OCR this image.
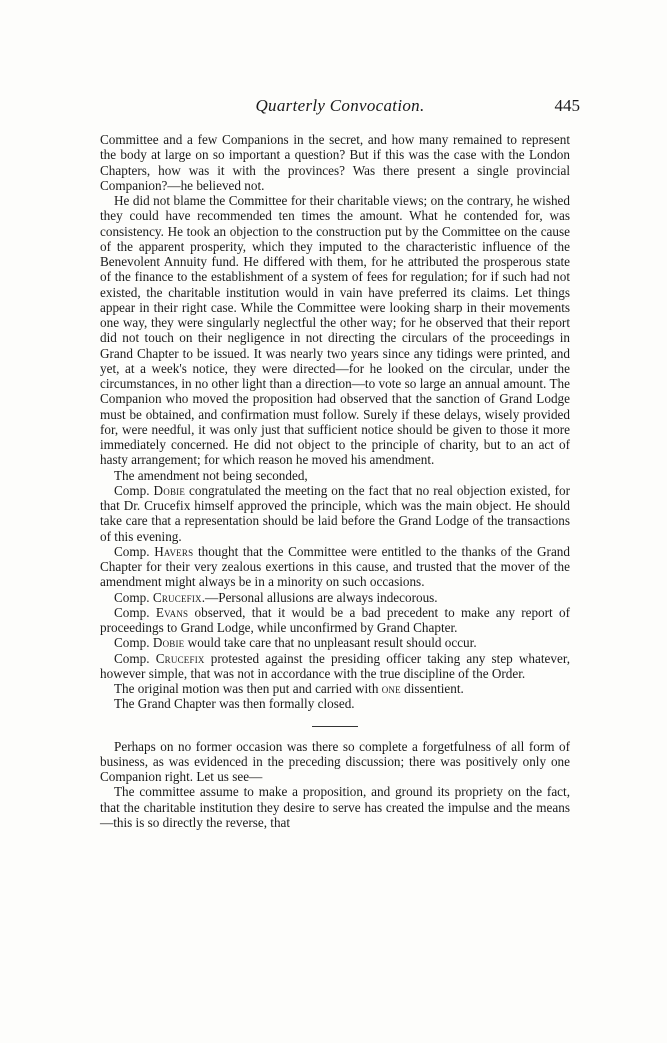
Quarterly Convocation.	445

Committee and a few Companions in the secret, and how many remained to represent the body at large on so important a question? But if this was the case with the London Chapters, how was it with the provinces? Was there present a single provincial Companion?—he believed not.

He did not blame the Committee for their charitable views; on the contrary, he wished they could have recommended ten times the amount. What he contended for, was consistency. He took an objection to the construction put by the Committee on the cause of the apparent prosperity, which they imputed to the characteristic influence of the Benevolent Annuity fund. He differed with them, for he attributed the prosperous state of the finance to the establishment of a system of fees for regulation; for if such had not existed, the charitable institution would in vain have preferred its claims. Let things appear in their right case. While the Committee were looking sharp in their movements one way, they were singularly neglectful the other way; for he observed that their report did not touch on their negligence in not directing the circulars of the proceedings in Grand Chapter to be issued. It was nearly two years since any tidings were printed, and yet, at a week's notice, they were directed—for he looked on the circular, under the circumstances, in no other light than a direction—to vote so large an annual amount. The Companion who moved the proposition had observed that the sanction of Grand Lodge must be obtained, and confirmation must follow. Surely if these delays, wisely provided for, were needful, it was only just that sufficient notice should be given to those it more immediately concerned. He did not object to the principle of charity, but to an act of hasty arrangement; for which reason he moved his amendment.

The amendment not being seconded,

Comp. Dobie congratulated the meeting on the fact that no real objection existed, for that Dr. Crucefix himself approved the principle, which was the main object. He should take care that a representation should be laid before the Grand Lodge of the transactions of this evening.

Comp. Havers thought that the Committee were entitled to the thanks of the Grand Chapter for their very zealous exertions in this cause, and trusted that the mover of the amendment might always be in a minority on such occasions.

Comp. Crucefix.—Personal allusions are always indecorous.

Comp. Evans observed, that it would be a bad precedent to make any report of proceedings to Grand Lodge, while unconfirmed by Grand Chapter.

Comp. Dobie would take care that no unpleasant result should occur.

Comp. Crucefix protested against the presiding officer taking any step whatever, however simple, that was not in accordance with the true discipline of the Order.

The original motion was then put and carried with one dissentient.

The Grand Chapter was then formally closed.

Perhaps on no former occasion was there so complete a forgetfulness of all form of business, as was evidenced in the preceding discussion; there was positively only one Companion right. Let us see—

The committee assume to make a proposition, and ground its propriety on the fact, that the charitable institution they desire to serve has created the impulse and the means—this is so directly the reverse, that
